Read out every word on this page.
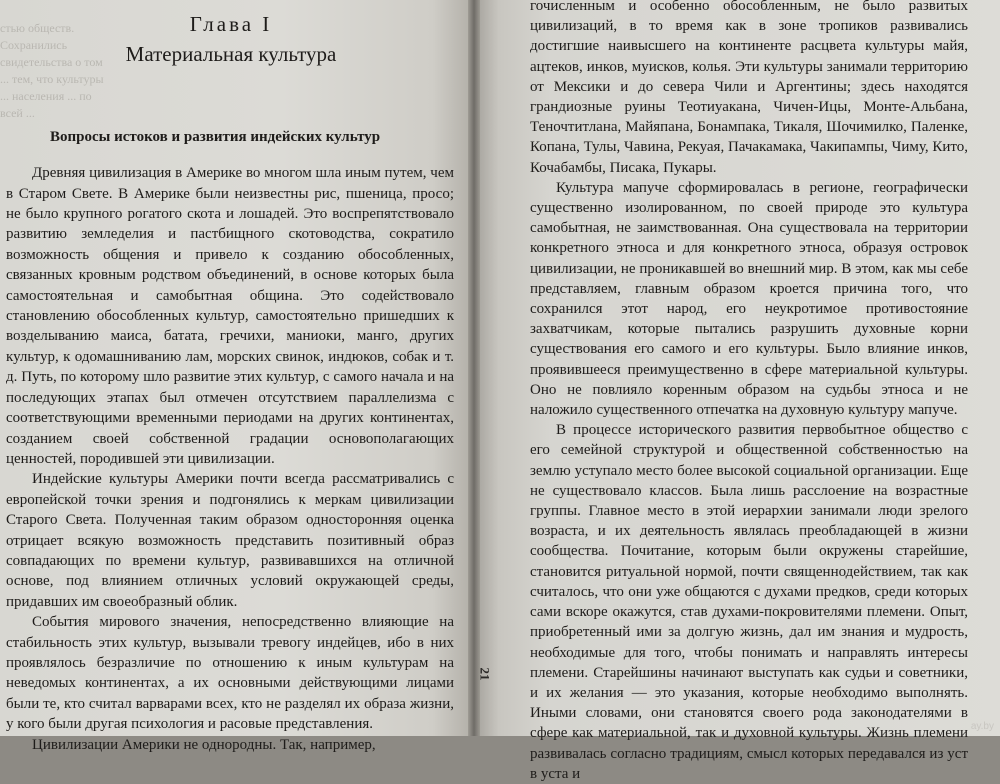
стью обществ. Сохранились свидетельства о том ... тем, что культуры ... населения ... по всей ...
Глава I
Материальная культура
Вопросы истоков и развития индейских культур

Древняя цивилизация в Америке во многом шла иным путем, чем в Старом Свете. В Америке были неизвестны рис, пшеница, просо; не было крупного рогатого скота и лошадей. Это воспрепятствовало развитию земледелия и пастбищного скотоводства, сократило возможность общения и привело к созданию обособленных, связанных кровным родством объединений, в основе которых была самостоятельная и самобытная община. Это содействовало становлению обособленных культур, самостоятельно пришедших к возделыванию маиса, батата, гречихи, маниоки, манго, других культур, к одомашниванию лам, морских свинок, индюков, собак и т. д. Путь, по которому шло развитие этих культур, с самого начала и на последующих этапах был отмечен отсутствием параллелизма с соответствующими временными периодами на других континентах, созданием своей собственной градации основополагающих ценностей, породившей эти цивилизации.

Индейские культуры Америки почти всегда рассматривались с европейской точки зрения и подгонялись к меркам цивилизации Старого Света. Полученная таким образом односторонняя оценка отрицает всякую возможность представить позитивный образ совпадающих по времени культур, развивавшихся на отличной основе, под влиянием отличных условий окружающей среды, придавших им своеобразный облик.

События мирового значения, непосредственно влияющие на стабильность этих культур, вызывали тревогу индейцев, ибо в них проявлялось безразличие по отношению к иным культурам на неведомых континентах, а их основными действующими лицами были те, кто считал варварами всех, кто не разделял их образа жизни, у кого были другая психология и расовые представления.

Цивилизации Америки не однородны. Так, например,

гочисленным и особенно обособленным, не было развитых цивилизаций, в то время как в зоне тропиков развивались достигшие наивысшего на континенте расцвета культуры майя, ацтеков, инков, муисков, колья. Эти культуры занимали территорию от Мексики и до севера Чили и Аргентины; здесь находятся грандиозные руины Теотиуакана, Чичен-Ицы, Монте-Альбана, Теночтитлана, Майяпана, Бонампака, Тикаля, Шочимилко, Паленке, Копана, Тулы, Чавина, Рекуая, Пачакамака, Чакипампы, Чиму, Кито, Кочабамбы, Писака, Пукары.

Культура мапуче сформировалась в регионе, географически существенно изолированном, по своей природе это культура самобытная, не заимствованная. Она существовала на территории конкретного этноса и для конкретного этноса, образуя островок цивилизации, не проникавшей во внешний мир. В этом, как мы себе представляем, главным образом кроется причина того, что сохранился этот народ, его неукротимое противостояние захватчикам, которые пытались разрушить духовные корни существования его самого и его культуры. Было влияние инков, проявившееся преимущественно в сфере материальной культуры. Оно не повлияло коренным образом на судьбы этноса и не наложило существенного отпечатка на духовную культуру мапуче.

В процессе исторического развития первобытное общество с его семейной структурой и общественной собственностью на землю уступало место более высокой социальной организации. Еще не существовало классов. Была лишь расслоение на возрастные группы. Главное место в этой иерархии занимали люди зрелого возраста, и их деятельность являлась преобладающей в жизни сообщества. Почитание, которым были окружены старейшие, становится ритуальной нормой, почти священнодействием, так как считалось, что они уже общаются с духами предков, среди которых сами вскоре окажутся, став духами-покровителями племени. Опыт, приобретенный ими за долгую жизнь, дал им знания и мудрость, необходимые для того, чтобы понимать и направлять интересы племени. Старейшины начинают выступать как судьи и советники, и их желания — это указания, которые необходимо выполнять. Иными словами, они становятся своего рода законодателями в сфере как материальной, так и духовной культуры. Жизнь племени развивалась согласно традициям, смысл которых передавался из уст в уста и

21
ay.by
